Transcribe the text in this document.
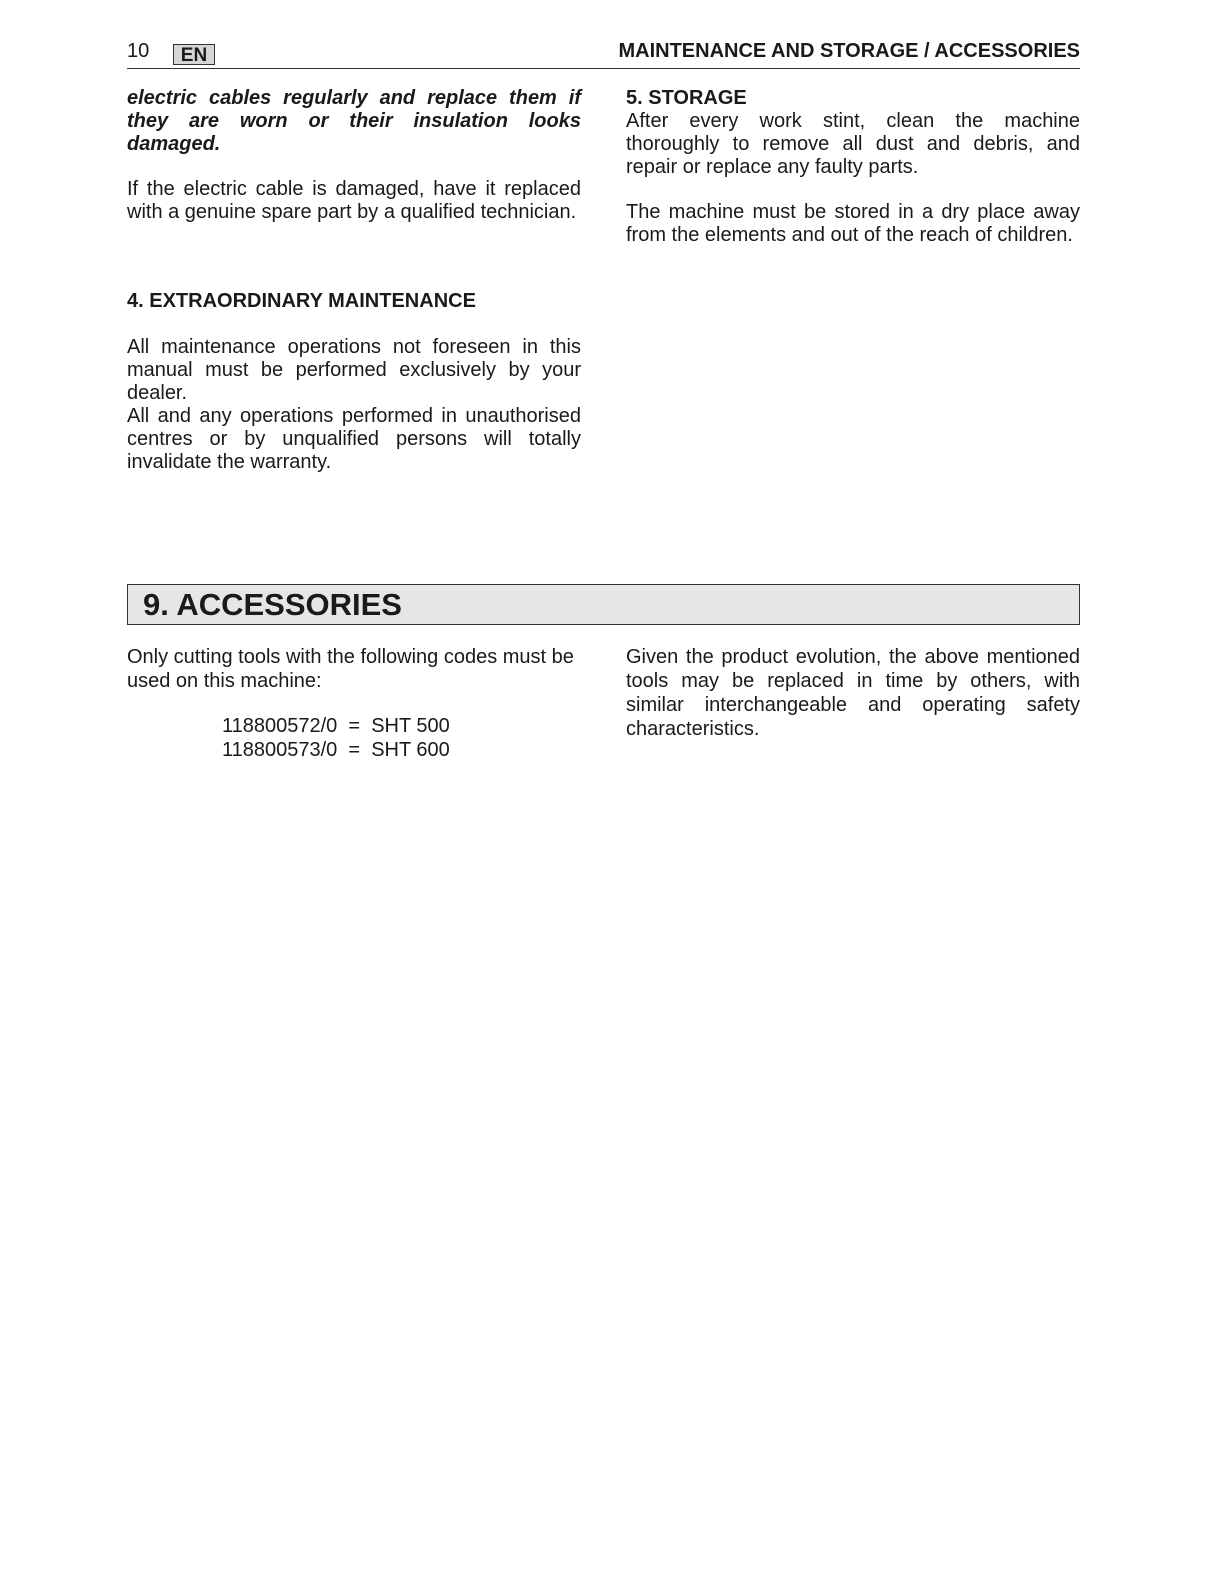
10	EN	MAINTENANCE AND STORAGE / ACCESSORIES

electric cables regularly and replace them if they are worn or their insulation looks damaged.

If the electric cable is damaged, have it replaced with a genuine spare part by a qualified technician.

4. EXTRAORDINARY MAINTENANCE

All maintenance operations not foreseen in this manual must be performed exclusively by your dealer.

All and any operations performed in unauthorised centres or by unqualified persons will totally invalidate the warranty.

5. STORAGE

After every work stint, clean the machine thoroughly to remove all dust and debris, and repair or replace any faulty parts.

The machine must be stored in a dry place away from the elements and out of the reach of children.

9. ACCESSORIES

Only cutting tools with the following codes must be used on this machine:

118800572/0  =  SHT 500
118800573/0  =  SHT 600

Given the product evolution, the above mentioned tools may be replaced in time by others, with similar interchangeable and operating safety characteristics.
